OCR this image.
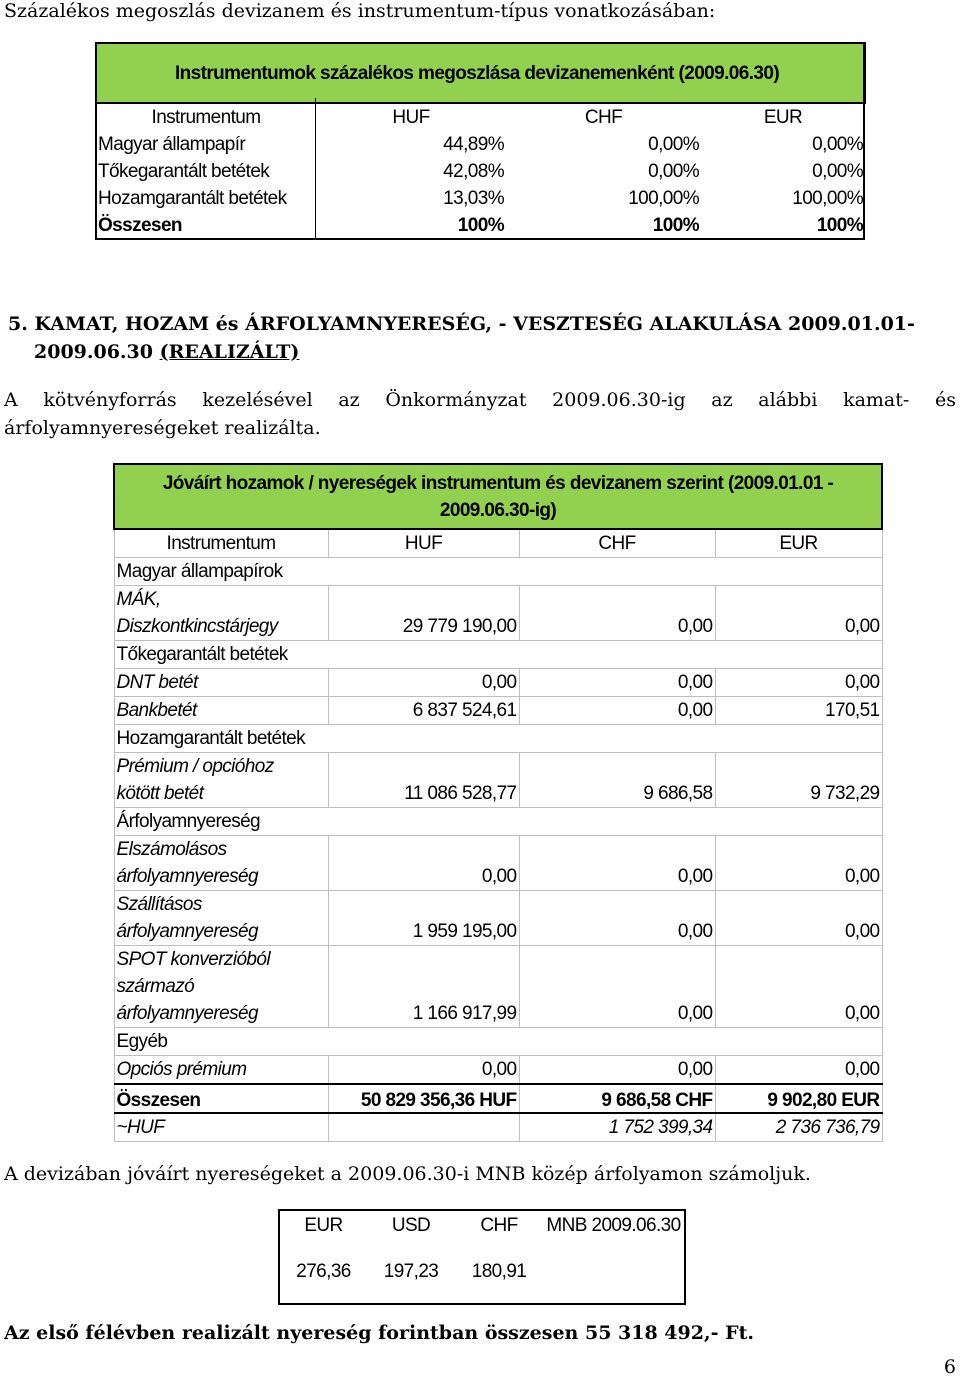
Százalékos megoszlás devizanem és instrumentum-típus vonatkozásában:
Instrumentumok százalékos megoszlása devizanemenként (2009.06.30)			
Instrumentum	HUF	CHF	EUR
Magyar állampapír	44,89%	0,00%	0,00%
Tőkegarantált betétek	42,08%	0,00%	0,00%
Hozamgarantált betétek	13,03%	100,00%	100,00%
Összesen	100%	100%	100%
5. KAMAT, HOZAM és ÁRFOLYAMNYERESÉG, - VESZTESÉG ALAKULÁSA 2009.01.01-
2009.06.30 (REALIZÁLT)
A kötvényforrás kezelésével az Önkormányzat 2009.06.30-ig az alábbi kamat- és
árfolyamnyereségeket realizálta.
Jóváírt hozamok / nyereségek instrumentum és devizanem szerint (2009.01.01 - 2009.06.30-ig)			
Instrumentum	HUF	CHF	EUR
Magyar állampapírok			

MÁK,
Diszkontkincstárjegy	29 779 190,00	0,00	0,00
Tőkegarantált betétek			
DNT betét	0,00	0,00	0,00
Bankbetét	6 837 524,61	0,00	170,51
Hozamgarantált betétek			

Prémium / opcióhoz
kötött betét	11 086 528,77	9 686,58	9 732,29
Árfolyamnyereség			

Elszámolásos
árfolyamnyereség	0,00	0,00	0,00

Szállításos
árfolyamnyereség	1 959 195,00	0,00	0,00

SPOT konverzióból
származó
árfolyamnyereség	1 166 917,99	0,00	0,00
Egyéb			
Opciós prémium	0,00	0,00	0,00
Összesen	50 829 356,36 HUF	9 686,58 CHF	9 902,80 EUR
~HUF		1 752 399,34	2 736 736,79
A devizában jóváírt nyereségeket a 2009.06.30-i MNB közép árfolyamon számoljuk.
EUR	USD	CHF	MNB 2009.06.30
276,36	197,23	180,91	
Az első félévben realizált nyereség forintban összesen 55 318 492,- Ft.
6
